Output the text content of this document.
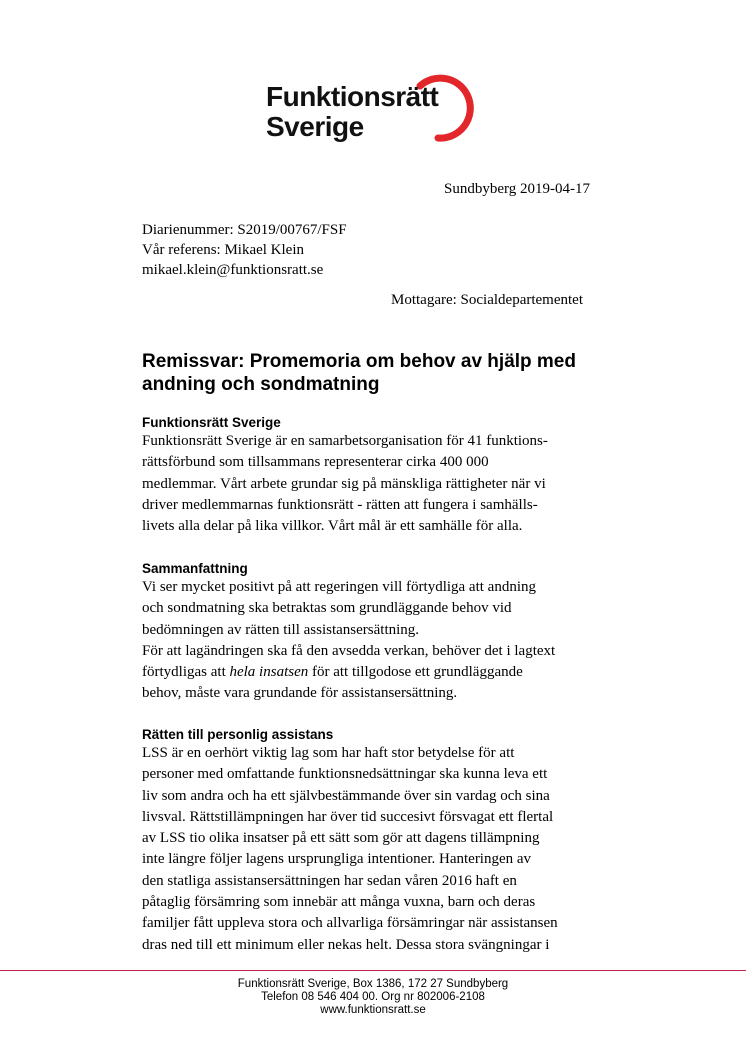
Funktionsrätt
Sverige
Sundbyberg 2019-04-17
Diarienummer: S2019/00767/FSF
Vår referens: Mikael Klein
mikael.klein@funktionsratt.se
Mottagare: Socialdepartementet
Remissvar: Promemoria om behov av hjälp med
andning och sondmatning
Funktionsrätt Sverige
Funktionsrätt Sverige är en samarbetsorganisation för 41 funktions-
rättsförbund som tillsammans representerar cirka 400 000
medlemmar. Vårt arbete grundar sig på mänskliga rättigheter när vi
driver medlemmarnas funktionsrätt - rätten att fungera i samhälls-
livets alla delar på lika villkor. Vårt mål är ett samhälle för alla.
Sammanfattning
Vi ser mycket positivt på att regeringen vill förtydliga att andning
och sondmatning ska betraktas som grundläggande behov vid
bedömningen av rätten till assistansersättning.
För att lagändringen ska få den avsedda verkan, behöver det i lagtext
förtydligas att hela insatsen för att tillgodose ett grundläggande
behov, måste vara grundande för assistansersättning.
Rätten till personlig assistans
LSS är en oerhört viktig lag som har haft stor betydelse för att
personer med omfattande funktionsnedsättningar ska kunna leva ett
liv som andra och ha ett självbestämmande över sin vardag och sina
livsval. Rättstillämpningen har över tid succesivt försvagat ett flertal
av LSS tio olika insatser på ett sätt som gör att dagens tillämpning
inte längre följer lagens ursprungliga intentioner. Hanteringen av
den statliga assistansersättningen har sedan våren 2016 haft en
påtaglig försämring som innebär att många vuxna, barn och deras
familjer fått uppleva stora och allvarliga försämringar när assistansen
dras ned till ett minimum eller nekas helt. Dessa stora svängningar i
Funktionsrätt Sverige, Box 1386, 172 27 Sundbyberg
Telefon 08 546 404 00. Org nr 802006-2108
www.funktionsratt.se
